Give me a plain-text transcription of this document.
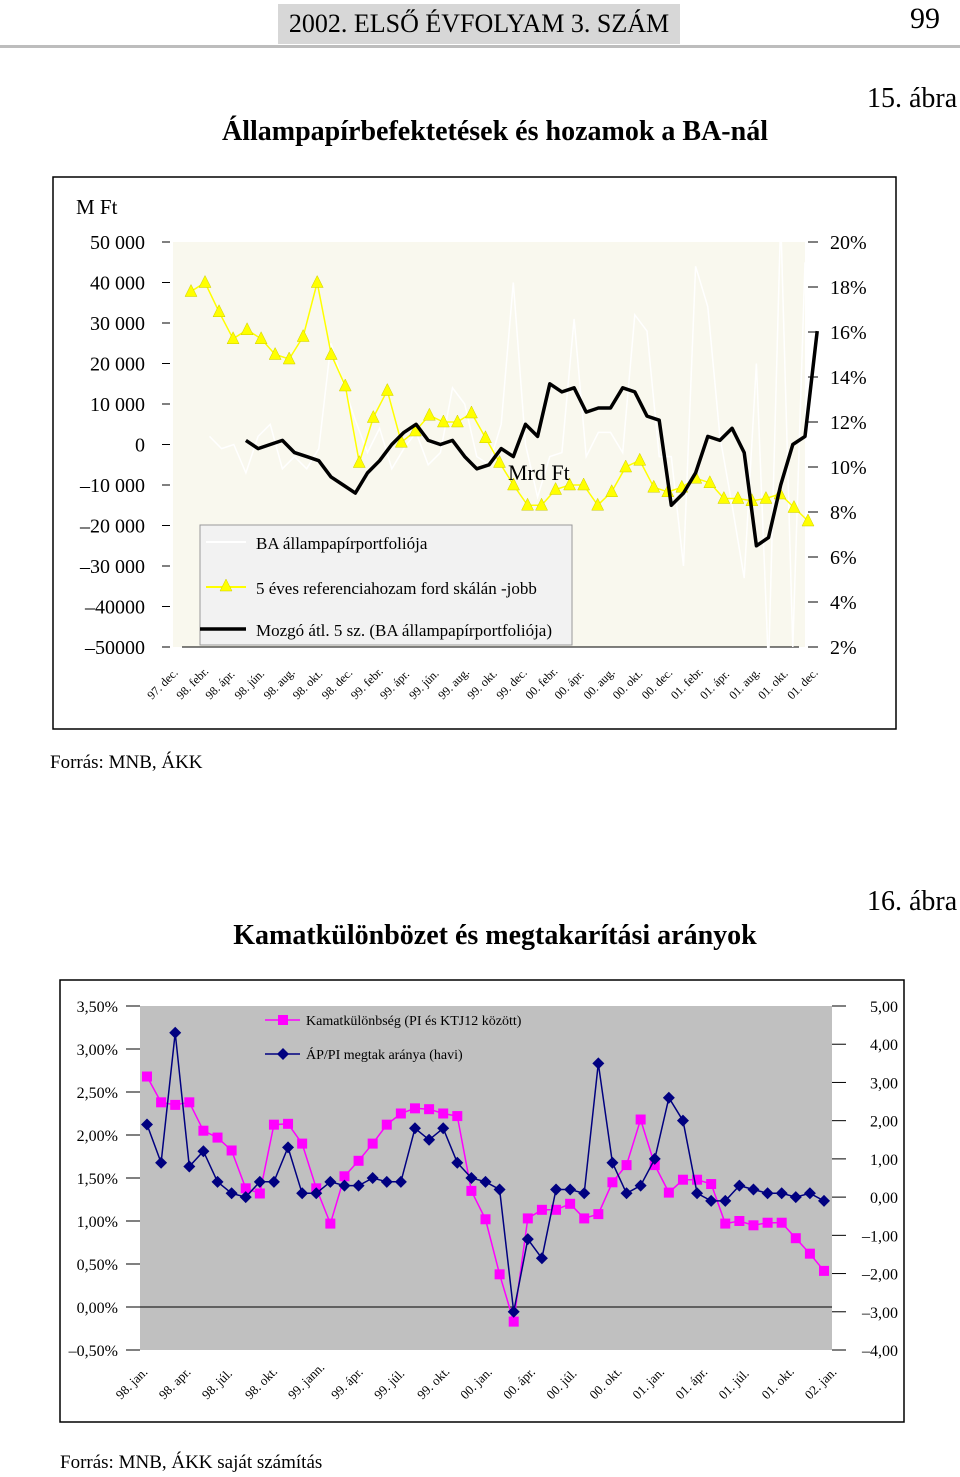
2002. ELSŐ ÉVFOLYAM 3. SZÁM	99
15. ábra
Állampapírbefektetések és hozamok a BA-nál
Forrás: MNB, ÁKK
16. ábra
Kamatkülönbözet és megtakarítási arányok
Forrás: MNB, ÁKK saját számítás
50 000
40 000
30 000
20 000
10 000
0
–10 000
–20 000
–30 000
–40000
–50000
20%
18%
16%
14%
12%
10%
8%
6%
4%
2%
97. dec.
98. febr.
98. ápr.
98. jún.
98. aug.
98. okt.
98. dec.
99. febr.
99. ápr.
99. jún.
99. aug.
99. okt.
99. dec.
00. febr.
00. ápr.
00. aug.
00. okt.
00. dec.
01. febr.
01. ápr.
01. aug.
01. okt.
01. dec.
Mrd Ft
BA állampapírportfoliója
5 éves referenciahozam ford skálán -jobb
Mozgó átl. 5 sz. (BA állampapírportfoliója)
M Ft
3,50%
3,00%
2,50%
2,00%
1,50%
1,00%
0,50%
0,00%
–0,50%
5,00
4,00
3,00
2,00
1,00
0,00
–1,00
–2,00
–3,00
–4,00
98. jan. 98. apr. 98. júl. 98. okt. 99. jann. 99. ápr. 99. júl. 99. okt. 00. jan. 00. ápr. 00. júl. 00. okt. 01. jan. 01. ápr. 01. júl. 01. okt. 02. jan.
Kamatkülönbség (PI és KTJ12 között)
ÁP/PI megtak aránya (havi)
